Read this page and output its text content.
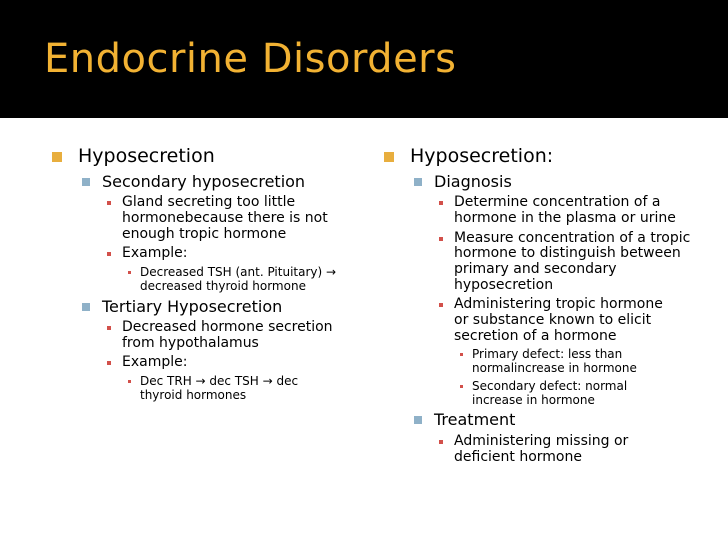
Endocrine Disorders
Hyposecretion
Secondary hyposecretion
Gland secreting too little hormonebecause there is not enough tropic hormone
Example:
Decreased TSH (ant. Pituitary) → decreased thyroid hormone
Tertiary Hyposecretion
Decreased hormone secretion from hypothalamus
Example:
Dec TRH → dec TSH → dec thyroid hormones
Hyposecretion:
Diagnosis
Determine concentration of a hormone in the plasma or urine
Measure concentration of a tropic hormone to distinguish between primary and secondary hyposecretion
Administering tropic hormone or substance known to elicit secretion of a hormone
Primary defect: less than normalincrease in hormone
Secondary defect: normal increase in hormone
Treatment
Administering missing or deficient hormone
